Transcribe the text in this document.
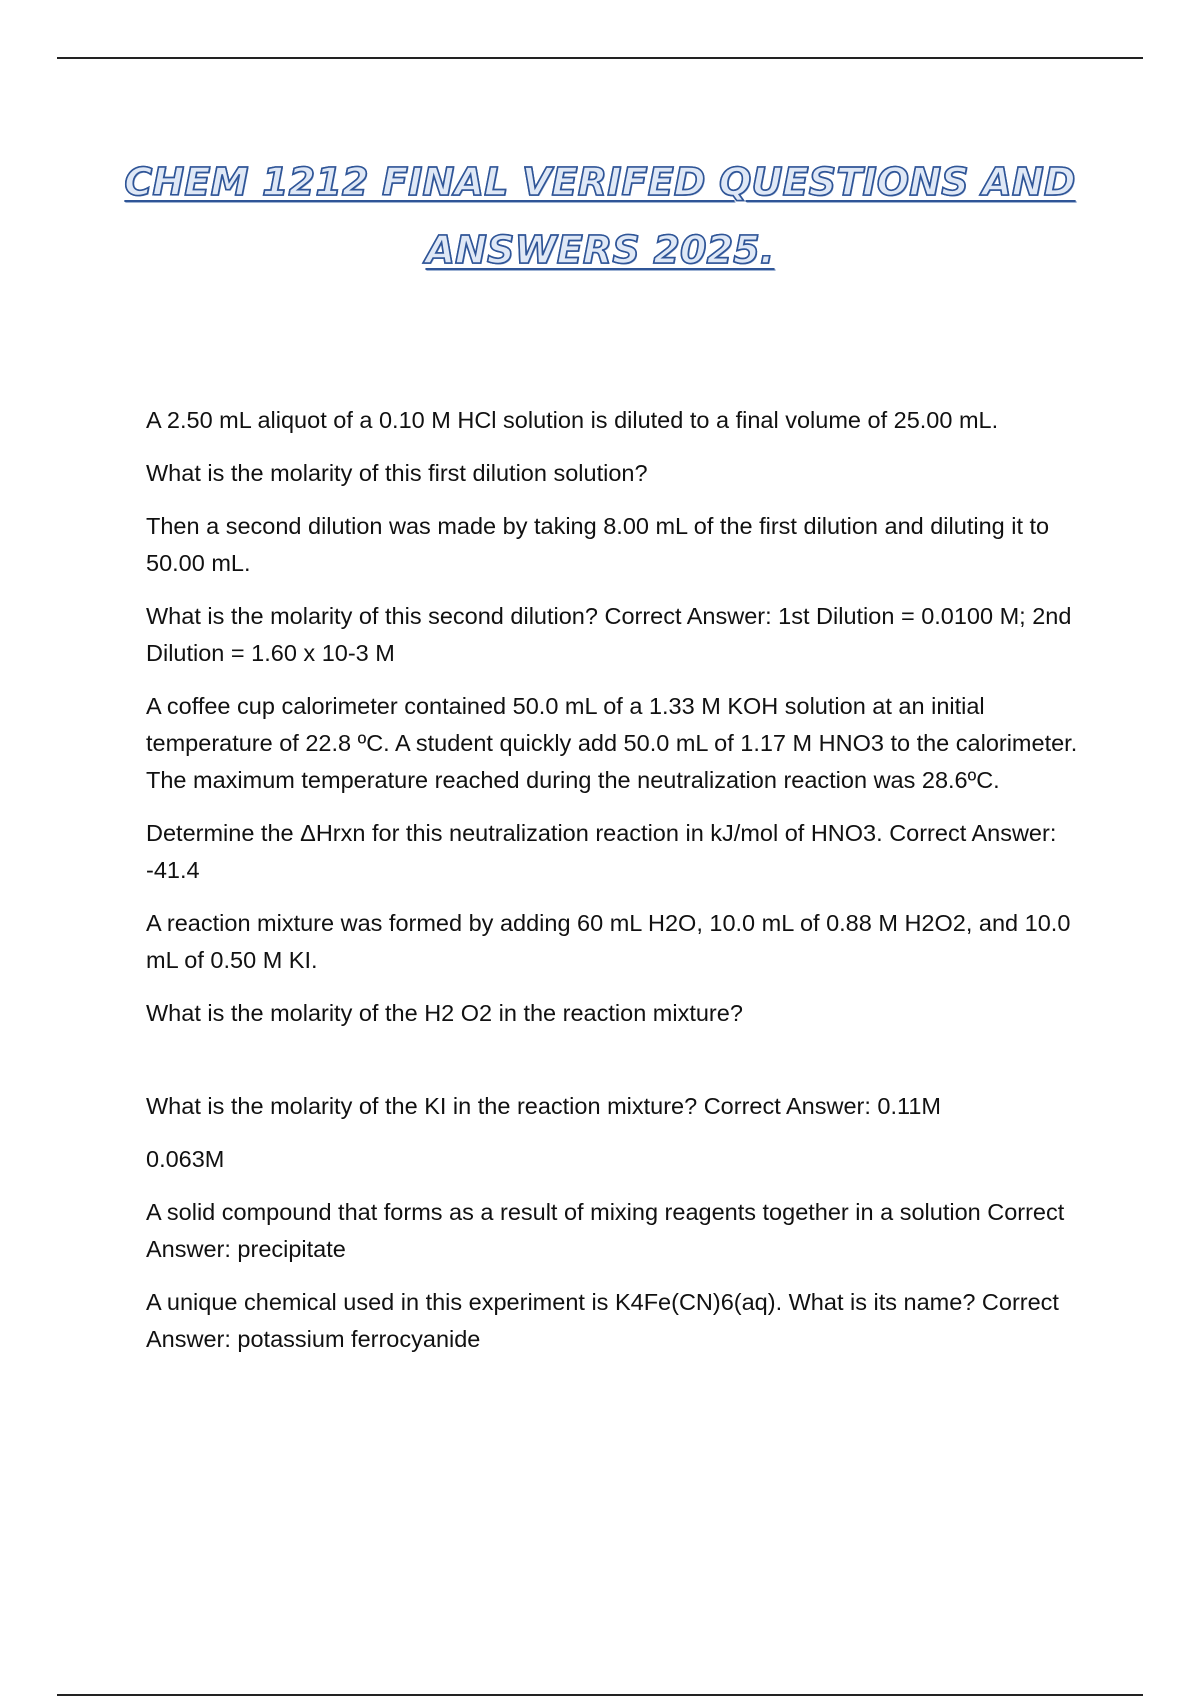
CHEM 1212 FINAL VERIFED QUESTIONS AND
ANSWERS 2025.

A 2.50 mL aliquot of a 0.10 M HCl solution is diluted to a final volume of 25.00 mL.

What is the molarity of this first dilution solution?

Then a second dilution was made by taking 8.00 mL of the first dilution and diluting it to 50.00 mL.

What is the molarity of this second dilution? Correct Answer: 1st Dilution = 0.0100 M; 2nd Dilution = 1.60 x 10-3 M

A coffee cup calorimeter contained 50.0 mL of a 1.33 M KOH solution at an initial temperature of 22.8 ºC. A student quickly add 50.0 mL of 1.17 M HNO3 to the calorimeter. The maximum temperature reached during the neutralization reaction was 28.6ºC.

Determine the ΔHrxn for this neutralization reaction in kJ/mol of HNO3. Correct Answer: -41.4

A reaction mixture was formed by adding 60 mL H2O, 10.0 mL of 0.88 M H2O2, and 10.0 mL of 0.50 M KI.

What is the molarity of the H2 O2 in the reaction mixture?

What is the molarity of the KI in the reaction mixture? Correct Answer: 0.11M

0.063M

A solid compound that forms as a result of mixing reagents together in a solution Correct Answer: precipitate

A unique chemical used in this experiment is K4Fe(CN)6(aq). What is its name? Correct Answer: potassium ferrocyanide
